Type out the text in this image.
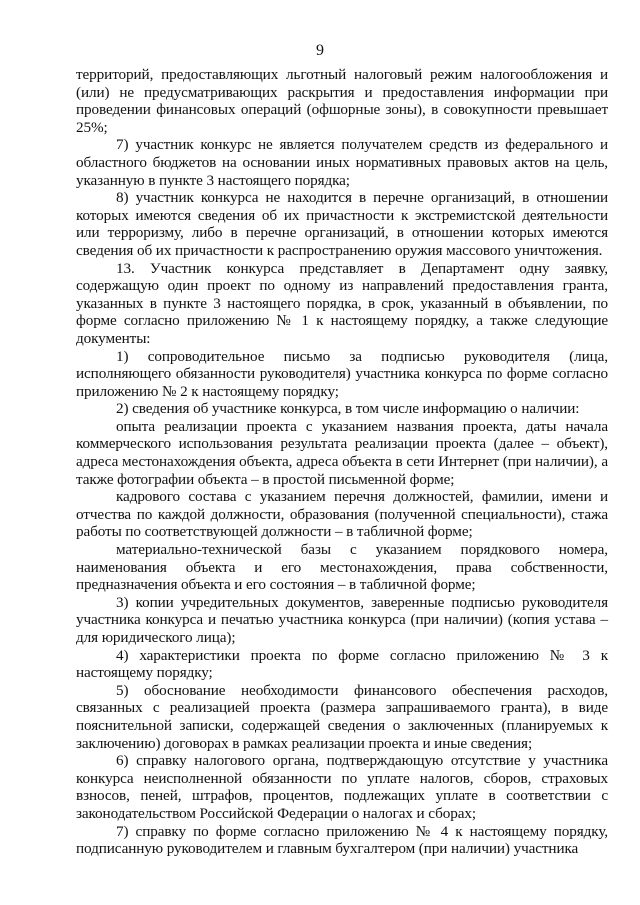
9

территорий, предоставляющих льготный налоговый режим налогообложения и (или) не предусматривающих раскрытия и предоставления информации при проведении финансовых операций (офшорные зоны), в совокупности превышает 25%;

7) участник конкурс не является получателем средств из федерального и областного бюджетов на основании иных нормативных правовых актов на цель, указанную в пункте 3 настоящего порядка;

8) участник конкурса не находится в перечне организаций, в отношении которых имеются сведения об их причастности к экстремистской деятельности или терроризму, либо в перечне организаций, в отношении которых имеются сведения об их причастности к распространению оружия массового уничтожения.

13. Участник конкурса представляет в Департамент одну заявку, содержащую один проект по одному из направлений предоставления гранта, указанных в пункте 3 настоящего порядка, в срок, указанный в объявлении, по форме согласно приложению № 1 к настоящему порядку, а также следующие документы:

1) сопроводительное письмо за подписью руководителя (лица, исполняющего обязанности руководителя) участника конкурса по форме согласно приложению № 2 к настоящему порядку;

2) сведения об участнике конкурса, в том числе информацию о наличии:

опыта реализации проекта с указанием названия проекта, даты начала коммерческого использования результата реализации проекта (далее – объект), адреса местонахождения объекта, адреса объекта в сети Интернет (при наличии), а также фотографии объекта – в простой письменной форме;

кадрового состава с указанием перечня должностей, фамилии, имени и отчества по каждой должности, образования (полученной специальности), стажа работы по соответствующей должности – в табличной форме;

материально-технической базы с указанием порядкового номера, наименования объекта и его местонахождения, права собственности, предназначения объекта и его состояния – в табличной форме;

3) копии учредительных документов, заверенные подписью руководителя участника конкурса и печатью участника конкурса (при наличии) (копия устава – для юридического лица);

4) характеристики проекта по форме согласно приложению № 3 к настоящему порядку;

5) обоснование необходимости финансового обеспечения расходов, связанных с реализацией проекта (размера запрашиваемого гранта), в виде пояснительной записки, содержащей сведения о заключенных (планируемых к заключению) договорах в рамках реализации проекта и иные сведения;

6) справку налогового органа, подтверждающую отсутствие у участника конкурса неисполненной обязанности по уплате налогов, сборов, страховых взносов, пеней, штрафов, процентов, подлежащих уплате в соответствии с законодательством Российской Федерации о налогах и сборах;

7) справку по форме согласно приложению № 4 к настоящему порядку, подписанную руководителем и главным бухгалтером (при наличии) участника
